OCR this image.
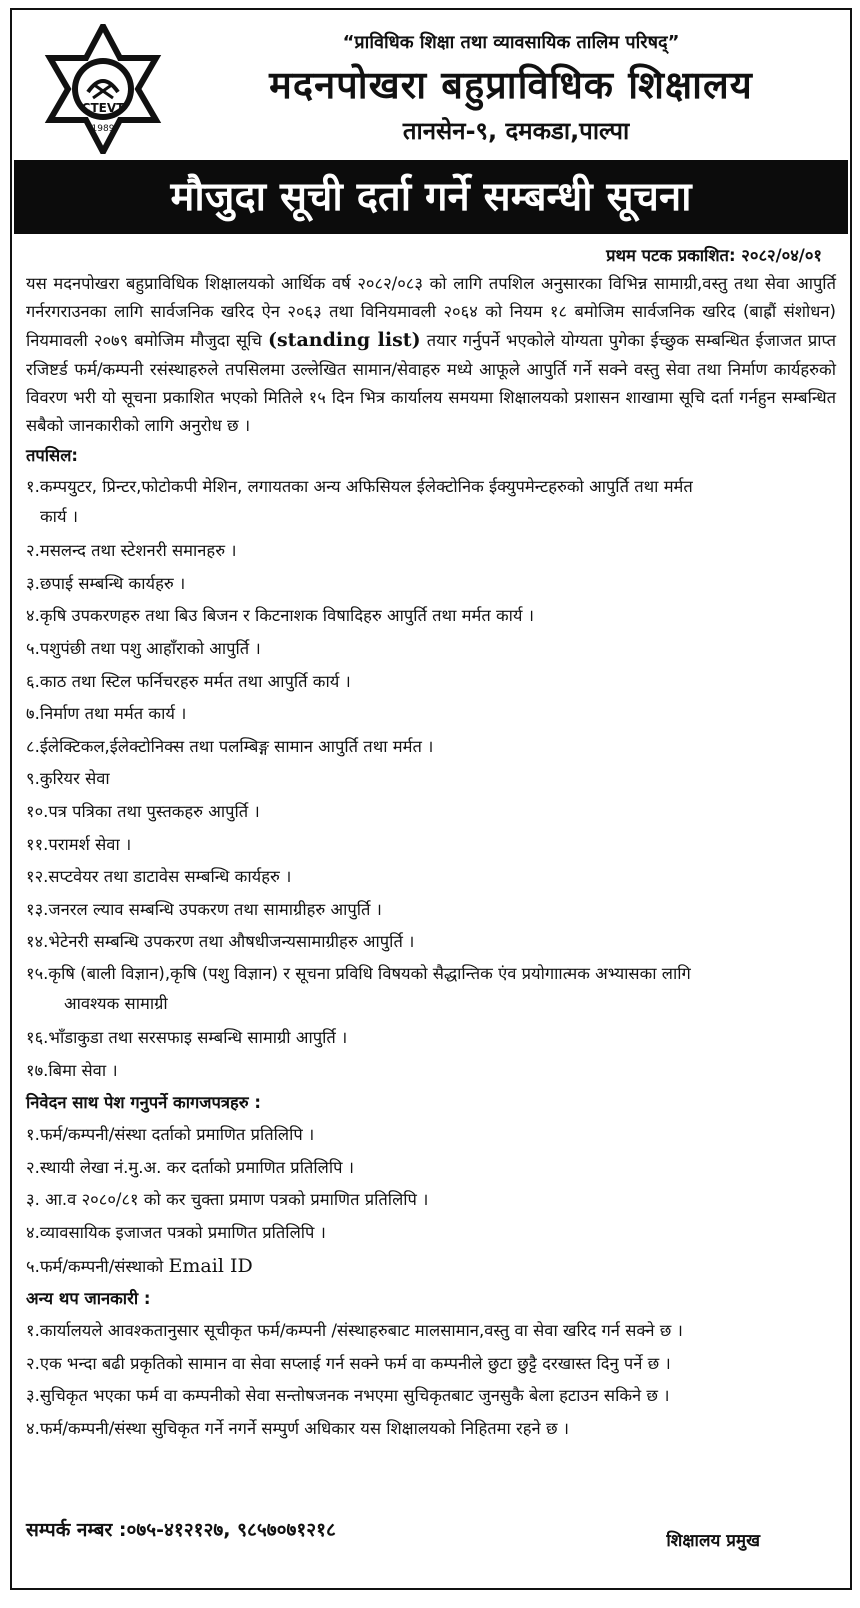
CTEVT
1989
“प्राविधिक शिक्षा तथा व्यावसायिक तालिम परिषद्”
मदनपोखरा बहुप्राविधिक शिक्षालय
तानसेन-९, दमकडा,पाल्पा
मौजुदा सूची दर्ता गर्ने सम्बन्धी सूचना
प्रथम पटक प्रकाशित: २०८२/०४/०१

यस मदनपोखरा बहुप्राविधिक शिक्षालयको आर्थिक वर्ष २०८२/०८३ को लागि तपशिल अनुसारका विभिन्न सामाग्री,वस्तु तथा सेवा आपुर्ति गर्नरगराउनका लागि सार्वजनिक खरिद ऐन २०६३ तथा विनियमावली २०६४ को नियम १८ बमोजिम सार्वजनिक खरिद (बाह्रौं संशोधन) नियमावली २०७९ बमोजिम मौजुदा सूचि (standing list) तयार गर्नुपर्ने भएकोले योग्यता पुगेका ईच्छुक सम्बन्धित ईजाजत प्राप्त रजिष्टर्ड फर्म/कम्पनी रसंस्थाहरुले तपसिलमा उल्लेखित सामान/सेवाहरु मध्ये आफूले आपुर्ति गर्ने सक्ने वस्तु सेवा तथा निर्माण कार्यहरुको विवरण भरी यो सूचना प्रकाशित भएको मितिले १५ दिन भित्र कार्यालय समयमा शिक्षालयको प्रशासन शाखामा सूचि दर्ता गर्नहुन सम्बन्धित सबैको जानकारीको लागि अनुरोध छ ।

तपसिल:
१.कम्पयुटर, प्रिन्टर,फोटोकपी मेशिन, लगायतका अन्य अफिसियल ईलेक्टोनिक ईक्युपमेन्टहरुको आपुर्ति तथा मर्मत
कार्य ।
२.मसलन्द तथा स्टेशनरी समानहरु ।
३.छपाई सम्बन्धि कार्यहरु ।
४.कृषि उपकरणहरु तथा बिउ बिजन र किटनाशक विषादिहरु आपुर्ति तथा मर्मत कार्य ।
५.पशुपंछी तथा पशु आहाँराको आपुर्ति ।
६.काठ तथा स्टिल फर्निचरहरु मर्मत तथा आपुर्ति कार्य ।
७.निर्माण तथा मर्मत कार्य ।
८.ईलेक्टिकल,ईलेक्टोनिक्स तथा पलम्बिङ्ग सामान आपुर्ति तथा मर्मत ।
९.कुरियर सेवा
१०.पत्र पत्रिका तथा पुस्तकहरु आपुर्ति ।
११.परामर्श सेवा ।
१२.सप्टवेयर तथा डाटावेस सम्बन्धि कार्यहरु ।
१३.जनरल ल्याव सम्बन्धि उपकरण तथा सामाग्रीहरु आपुर्ति ।
१४.भेटेनरी सम्बन्धि उपकरण तथा औषधीजन्यसामाग्रीहरु आपुर्ति ।
१५.कृषि (बाली विज्ञान),कृषि (पशु विज्ञान) र सूचना प्रविधि विषयको सैद्धान्तिक एंव प्रयोगाात्मक अभ्यासका लागि
आवश्यक सामाग्री
१६.भाँडाकुडा तथा सरसफाइ सम्बन्धि सामाग्री आपुर्ति ।
१७.बिमा सेवा ।
निवेदन साथ पेश गनुपर्ने कागजपत्रहरु :
१.फर्म/कम्पनी/संस्था दर्ताको प्रमाणित प्रतिलिपि ।
२.स्थायी लेखा नं.मु.अ. कर दर्ताको प्रमाणित प्रतिलिपि ।
३. आ.व २०८०/८१ को कर चुक्ता प्रमाण पत्रको प्रमाणित प्रतिलिपि ।
४.व्यावसायिक इजाजत पत्रको प्रमाणित प्रतिलिपि ।
५.फर्म/कम्पनी/संस्थाको Email ID
अन्य थप जानकारी :
१.कार्यालयले आवश्कतानुसार सूचीकृत फर्म/कम्पनी /संस्थाहरुबाट मालसामान,वस्तु वा सेवा खरिद गर्न सक्ने छ ।
२.एक भन्दा बढी प्रकृतिको सामान वा सेवा सप्लाई गर्न सक्ने फर्म वा कम्पनीले छुटा छुट्टै दरखास्त दिनु पर्ने छ ।
३.सुचिकृत भएका फर्म वा कम्पनीको सेवा सन्तोषजनक नभएमा सुचिकृतबाट जुनसुकै बेला हटाउन सकिने छ ।
४.फर्म/कम्पनी/संस्था सुचिकृत गर्ने नगर्ने सम्पुर्ण अधिकार यस शिक्षालयको निहितमा रहने छ ।
सम्पर्क नम्बर :०७५-४१२१२७, ९८५७०७१२१८	शिक्षालय प्रमुख
